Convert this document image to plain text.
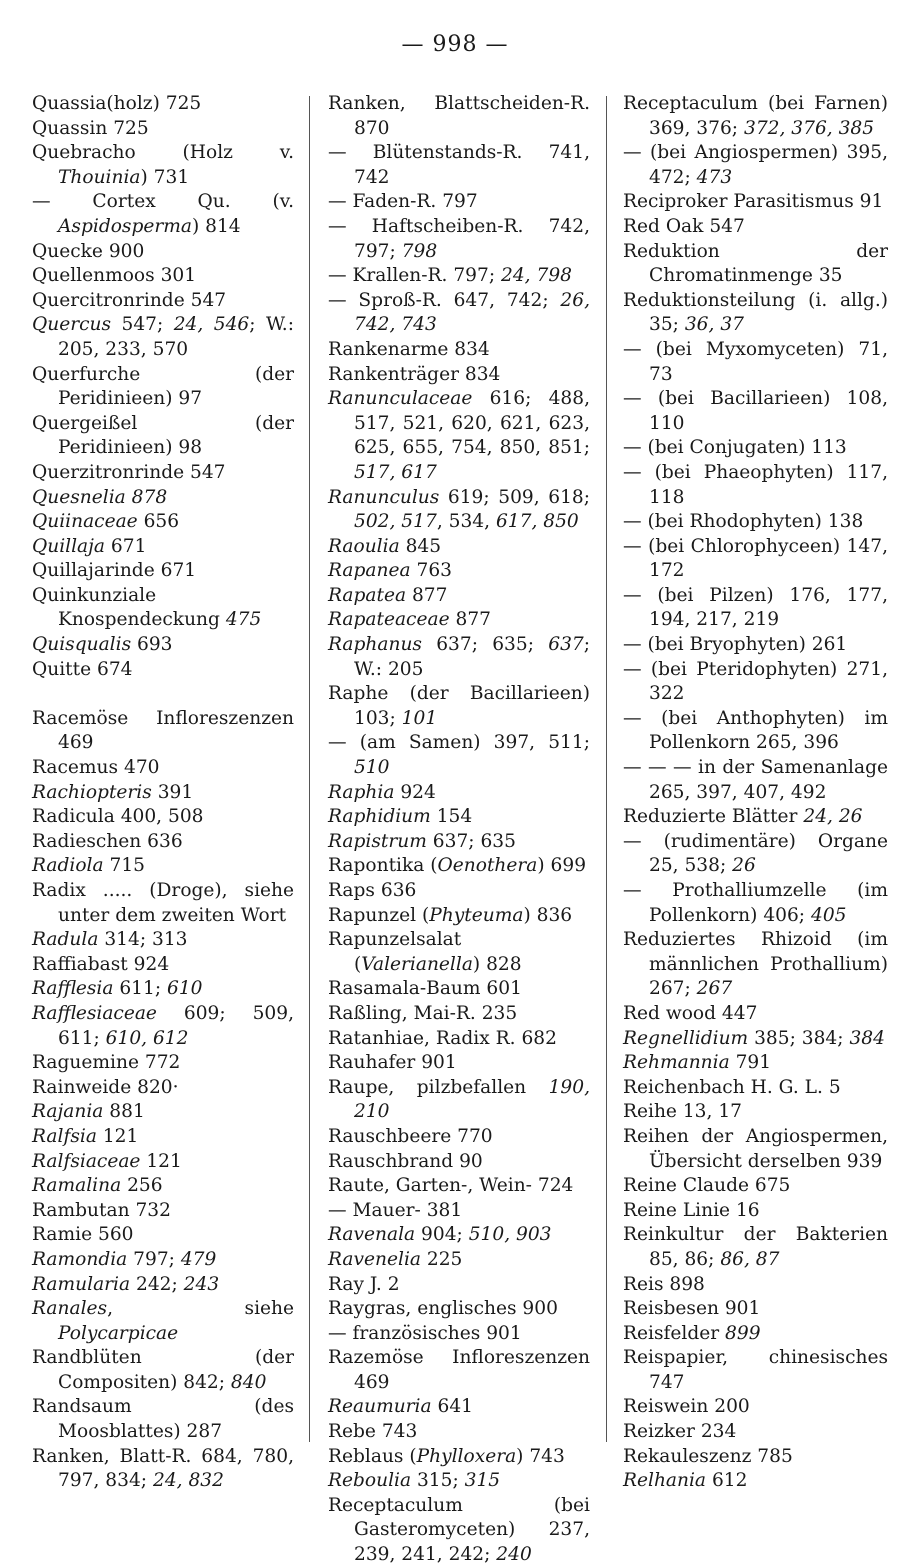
— 998 —
Quassia(holz) 725
Quassin 725
Quebracho (Holz v. Thouinia) 731
— Cortex Qu. (v. Aspidosperma) 814
Quecke 900
Quellenmoos 301
Quercitronrinde 547
Quercus 547; 24, 546; W.: 205, 233, 570
Querfurche (der Peridinieen) 97
Quergeißel (der Peridinieen) 98
Querzitronrinde 547
Quesnelia 878
Quiinaceae 656
Quillaja 671
Quillajarinde 671
Quinkunziale Knospendeckung 475
Quisqualis 693
Quitte 674
Racemöse Infloreszenzen 469
Racemus 470
Rachiopteris 391
Radicula 400, 508
Radieschen 636
Radiola 715
Radix ..... (Droge), siehe unter dem zweiten Wort
Radula 314; 313
Raffiabast 924
Rafflesia 611; 610
Rafflesiaceae 609; 509, 611; 610, 612
Raguemine 772
Rainweide 820·
Rajania 881
Ralfsia 121
Ralfsiaceae 121
Ramalina 256
Rambutan 732
Ramie 560
Ramondia 797; 479
Ramularia 242; 243
Ranales, siehe Polycarpicae
Randblüten (der Compositen) 842; 840
Randsaum (des Moosblattes) 287
Ranken, Blatt-R. 684, 780, 797, 834; 24, 832
Ranken, Blattscheiden-R. 870
— Blütenstands-R. 741, 742
— Faden-R. 797
— Haftscheiben-R. 742, 797; 798
— Krallen-R. 797; 24, 798
— Sproß-R. 647, 742; 26, 742, 743
Rankenarme 834
Rankenträger 834
Ranunculaceae 616; 488, 517, 521, 620, 621, 623, 625, 655, 754, 850, 851; 517, 617
Ranunculus 619; 509, 618; 502, 517, 534, 617, 850
Raoulia 845
Rapanea 763
Rapatea 877
Rapateaceae 877
Raphanus 637; 635; 637; W.: 205
Raphe (der Bacillarieen) 103; 101
— (am Samen) 397, 511; 510
Raphia 924
Raphidium 154
Rapistrum 637; 635
Rapontika (Oenothera) 699
Raps 636
Rapunzel (Phyteuma) 836
Rapunzelsalat (Valerianella) 828
Rasamala-Baum 601
Raßling, Mai-R. 235
Ratanhiae, Radix R. 682
Rauhafer 901
Raupe, pilzbefallen 190, 210
Rauschbeere 770
Rauschbrand 90
Raute, Garten-, Wein- 724
— Mauer- 381
Ravenala 904; 510, 903
Ravenelia 225
Ray J. 2
Raygras, englisches 900
— französisches 901
Razemöse Infloreszenzen 469
Reaumuria 641
Rebe 743
Reblaus (Phylloxera) 743
Reboulia 315; 315
Receptaculum (bei Gasteromyceten) 237, 239, 241, 242; 240
Receptaculum (bei Farnen) 369, 376; 372, 376, 385
— (bei Angiospermen) 395, 472; 473
Reciproker Parasitismus 91
Red Oak 547
Reduktion der Chromatinmenge 35
Reduktionsteilung (i. allg.) 35; 36, 37
— (bei Myxomyceten) 71, 73
— (bei Bacillarieen) 108, 110
— (bei Conjugaten) 113
— (bei Phaeophyten) 117, 118
— (bei Rhodophyten) 138
— (bei Chlorophyceen) 147, 172
— (bei Pilzen) 176, 177, 194, 217, 219
— (bei Bryophyten) 261
— (bei Pteridophyten) 271, 322
— (bei Anthophyten) im Pollenkorn 265, 396
— — — in der Samenanlage 265, 397, 407, 492
Reduzierte Blätter 24, 26
— (rudimentäre) Organe 25, 538; 26
— Prothalliumzelle (im Pollenkorn) 406; 405
Reduziertes Rhizoid (im männlichen Prothallium) 267; 267
Red wood 447
Regnellidium 385; 384; 384
Rehmannia 791
Reichenbach H. G. L. 5
Reihe 13, 17
Reihen der Angiospermen, Übersicht derselben 939
Reine Claude 675
Reine Linie 16
Reinkultur der Bakterien 85, 86; 86, 87
Reis 898
Reisbesen 901
Reisfelder 899
Reispapier, chinesisches 747
Reiswein 200
Reizker 234
Rekauleszenz 785
Relhania 612
